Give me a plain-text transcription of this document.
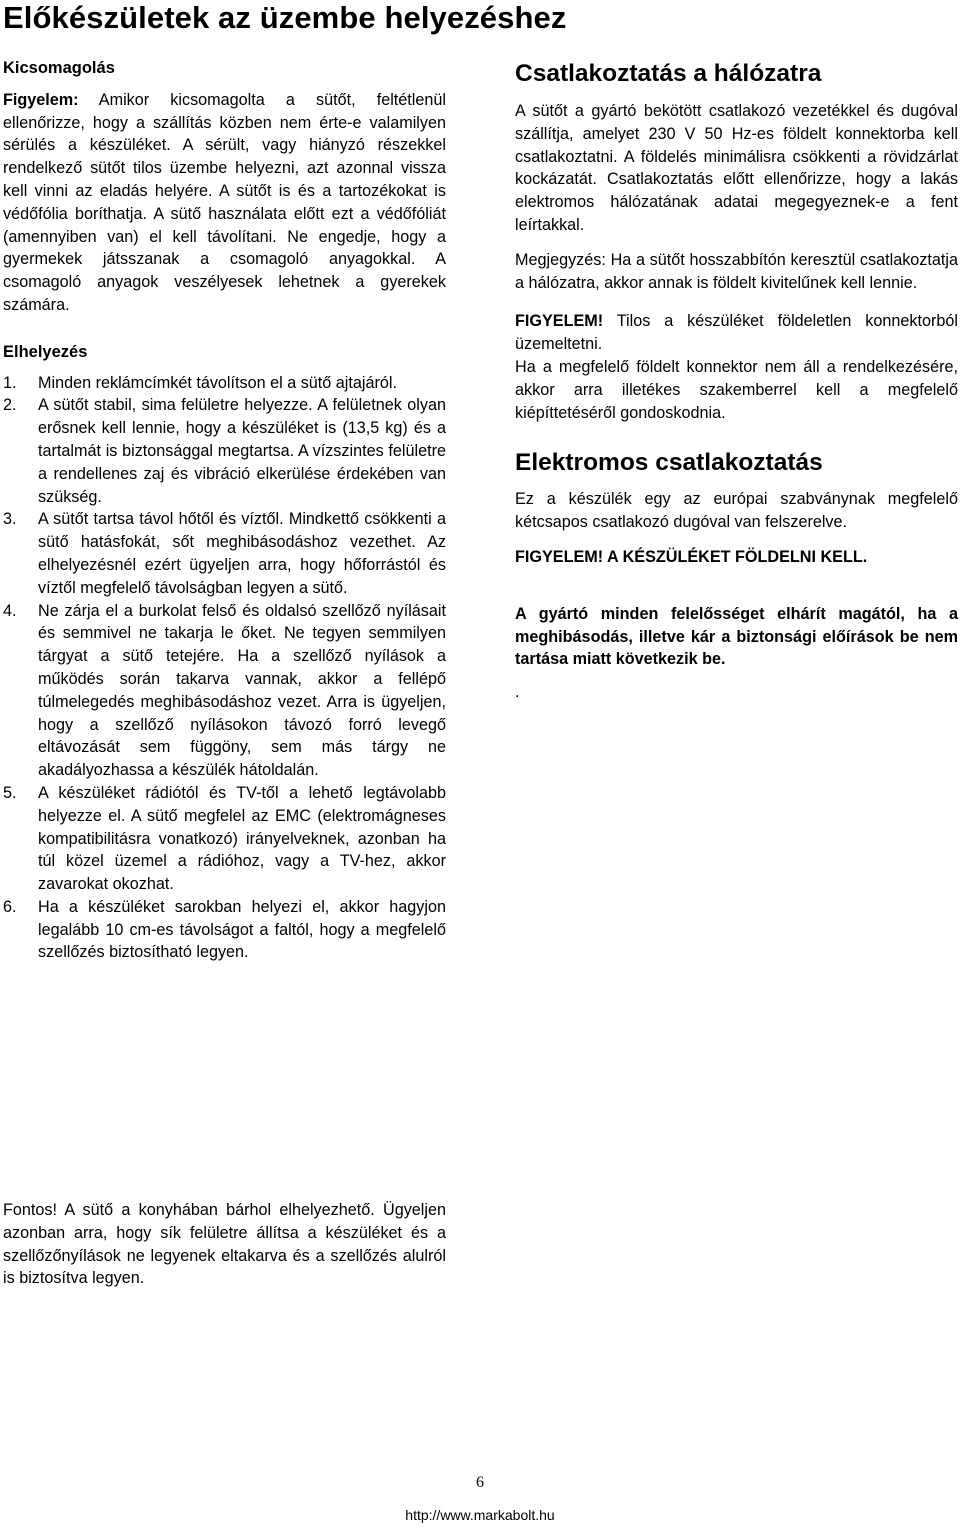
Előkészületek az üzembe helyezéshez
Kicsomagolás

Figyelem: Amikor kicsomagolta a sütőt, feltétlenül ellenőrizze, hogy a szállítás közben nem érte-e valamilyen sérülés a készüléket. A sérült, vagy hiányzó részekkel rendelkező sütőt tilos üzembe helyezni, azt azonnal vissza kell vinni az eladás helyére. A sütőt is és a tartozékokat is védőfólia boríthatja. A sütő használata előtt ezt a védőfóliát (amennyiben van) el kell távolítani. Ne engedje, hogy a gyermekek játsszanak a csomagoló anyagokkal. A csomagoló anyagok veszélyesek lehetnek a gyerekek számára.

Elhelyezés
1. Minden reklámcímkét távolítson el a sütő ajtajáról.

2. A sütőt stabil, sima felületre helyezze. A felületnek olyan erősnek kell lennie, hogy a készüléket is (13,5 kg) és a tartalmát is biztonsággal megtartsa. A vízszintes felületre a rendellenes zaj és vibráció elkerülése érdekében van szükség.

3. A sütőt tartsa távol hőtől és víztől. Mindkettő csökkenti a sütő hatásfokát, sőt meghibásodáshoz vezethet. Az elhelyezésnél ezért ügyeljen arra, hogy hőforrástól és víztől megfelelő távolságban legyen a sütő.

4. Ne zárja el a burkolat felső és oldalsó szellőző nyílásait és semmivel ne takarja le őket. Ne tegyen semmilyen tárgyat a sütő tetejére. Ha a szellőző nyílások a működés során takarva vannak, akkor a fellépő túlmelegedés meghibásodáshoz vezet. Arra is ügyeljen, hogy a szellőző nyílásokon távozó forró levegő eltávozását sem függöny, sem más tárgy ne akadályozhassa a készülék hátoldalán.

5. A készüléket rádiótól és TV-től a lehető legtávolabb helyezze el. A sütő megfelel az EMC (elektromágneses kompatibilitásra vonatkozó) irányelveknek, azonban ha túl közel üzemel a rádióhoz, vagy a TV-hez, akkor zavarokat okozhat.

6. Ha a készüléket sarokban helyezi el, akkor hagyjon legalább 10 cm-es távolságot a faltól, hogy a megfelelő szellőzés biztosítható legyen.

Csatlakoztatás a hálózatra

A sütőt a gyártó bekötött csatlakozó vezetékkel és dugóval szállítja, amelyet 230 V 50 Hz-es földelt konnektorba kell csatlakoztatni. A földelés minimálisra csökkenti a rövidzárlat kockázatát. Csatlakoztatás előtt ellenőrizze, hogy a lakás elektromos hálózatának adatai megegyeznek-e a fent leírtakkal.

Megjegyzés: Ha a sütőt hosszabbítón keresztül csatlakoztatja a hálózatra, akkor annak is földelt kivitelűnek kell lennie.

FIGYELEM! Tilos a készüléket földeletlen konnektorból üzemeltetni.

Ha a megfelelő földelt konnektor nem áll a rendelkezésére, akkor arra illetékes szakemberrel kell a megfelelő kiépíttetéséről gondoskodnia.

Elektromos csatlakoztatás

Ez a készülék egy az európai szabványnak megfelelő kétcsapos csatlakozó dugóval van felszerelve.

FIGYELEM! A KÉSZÜLÉKET FÖLDELNI KELL.

A gyártó minden felelősséget elhárít magától, ha a meghibásodás, illetve kár a biztonsági előírások be nem tartása miatt következik be.

.

Fontos! A sütő a konyhában bárhol elhelyezhető. Ügyeljen azonban arra, hogy sík felületre állítsa a készüléket és a szellőzőnyílások ne legyenek eltakarva és a szellőzés alulról is biztosítva legyen.

6
http://www.markabolt.hu
